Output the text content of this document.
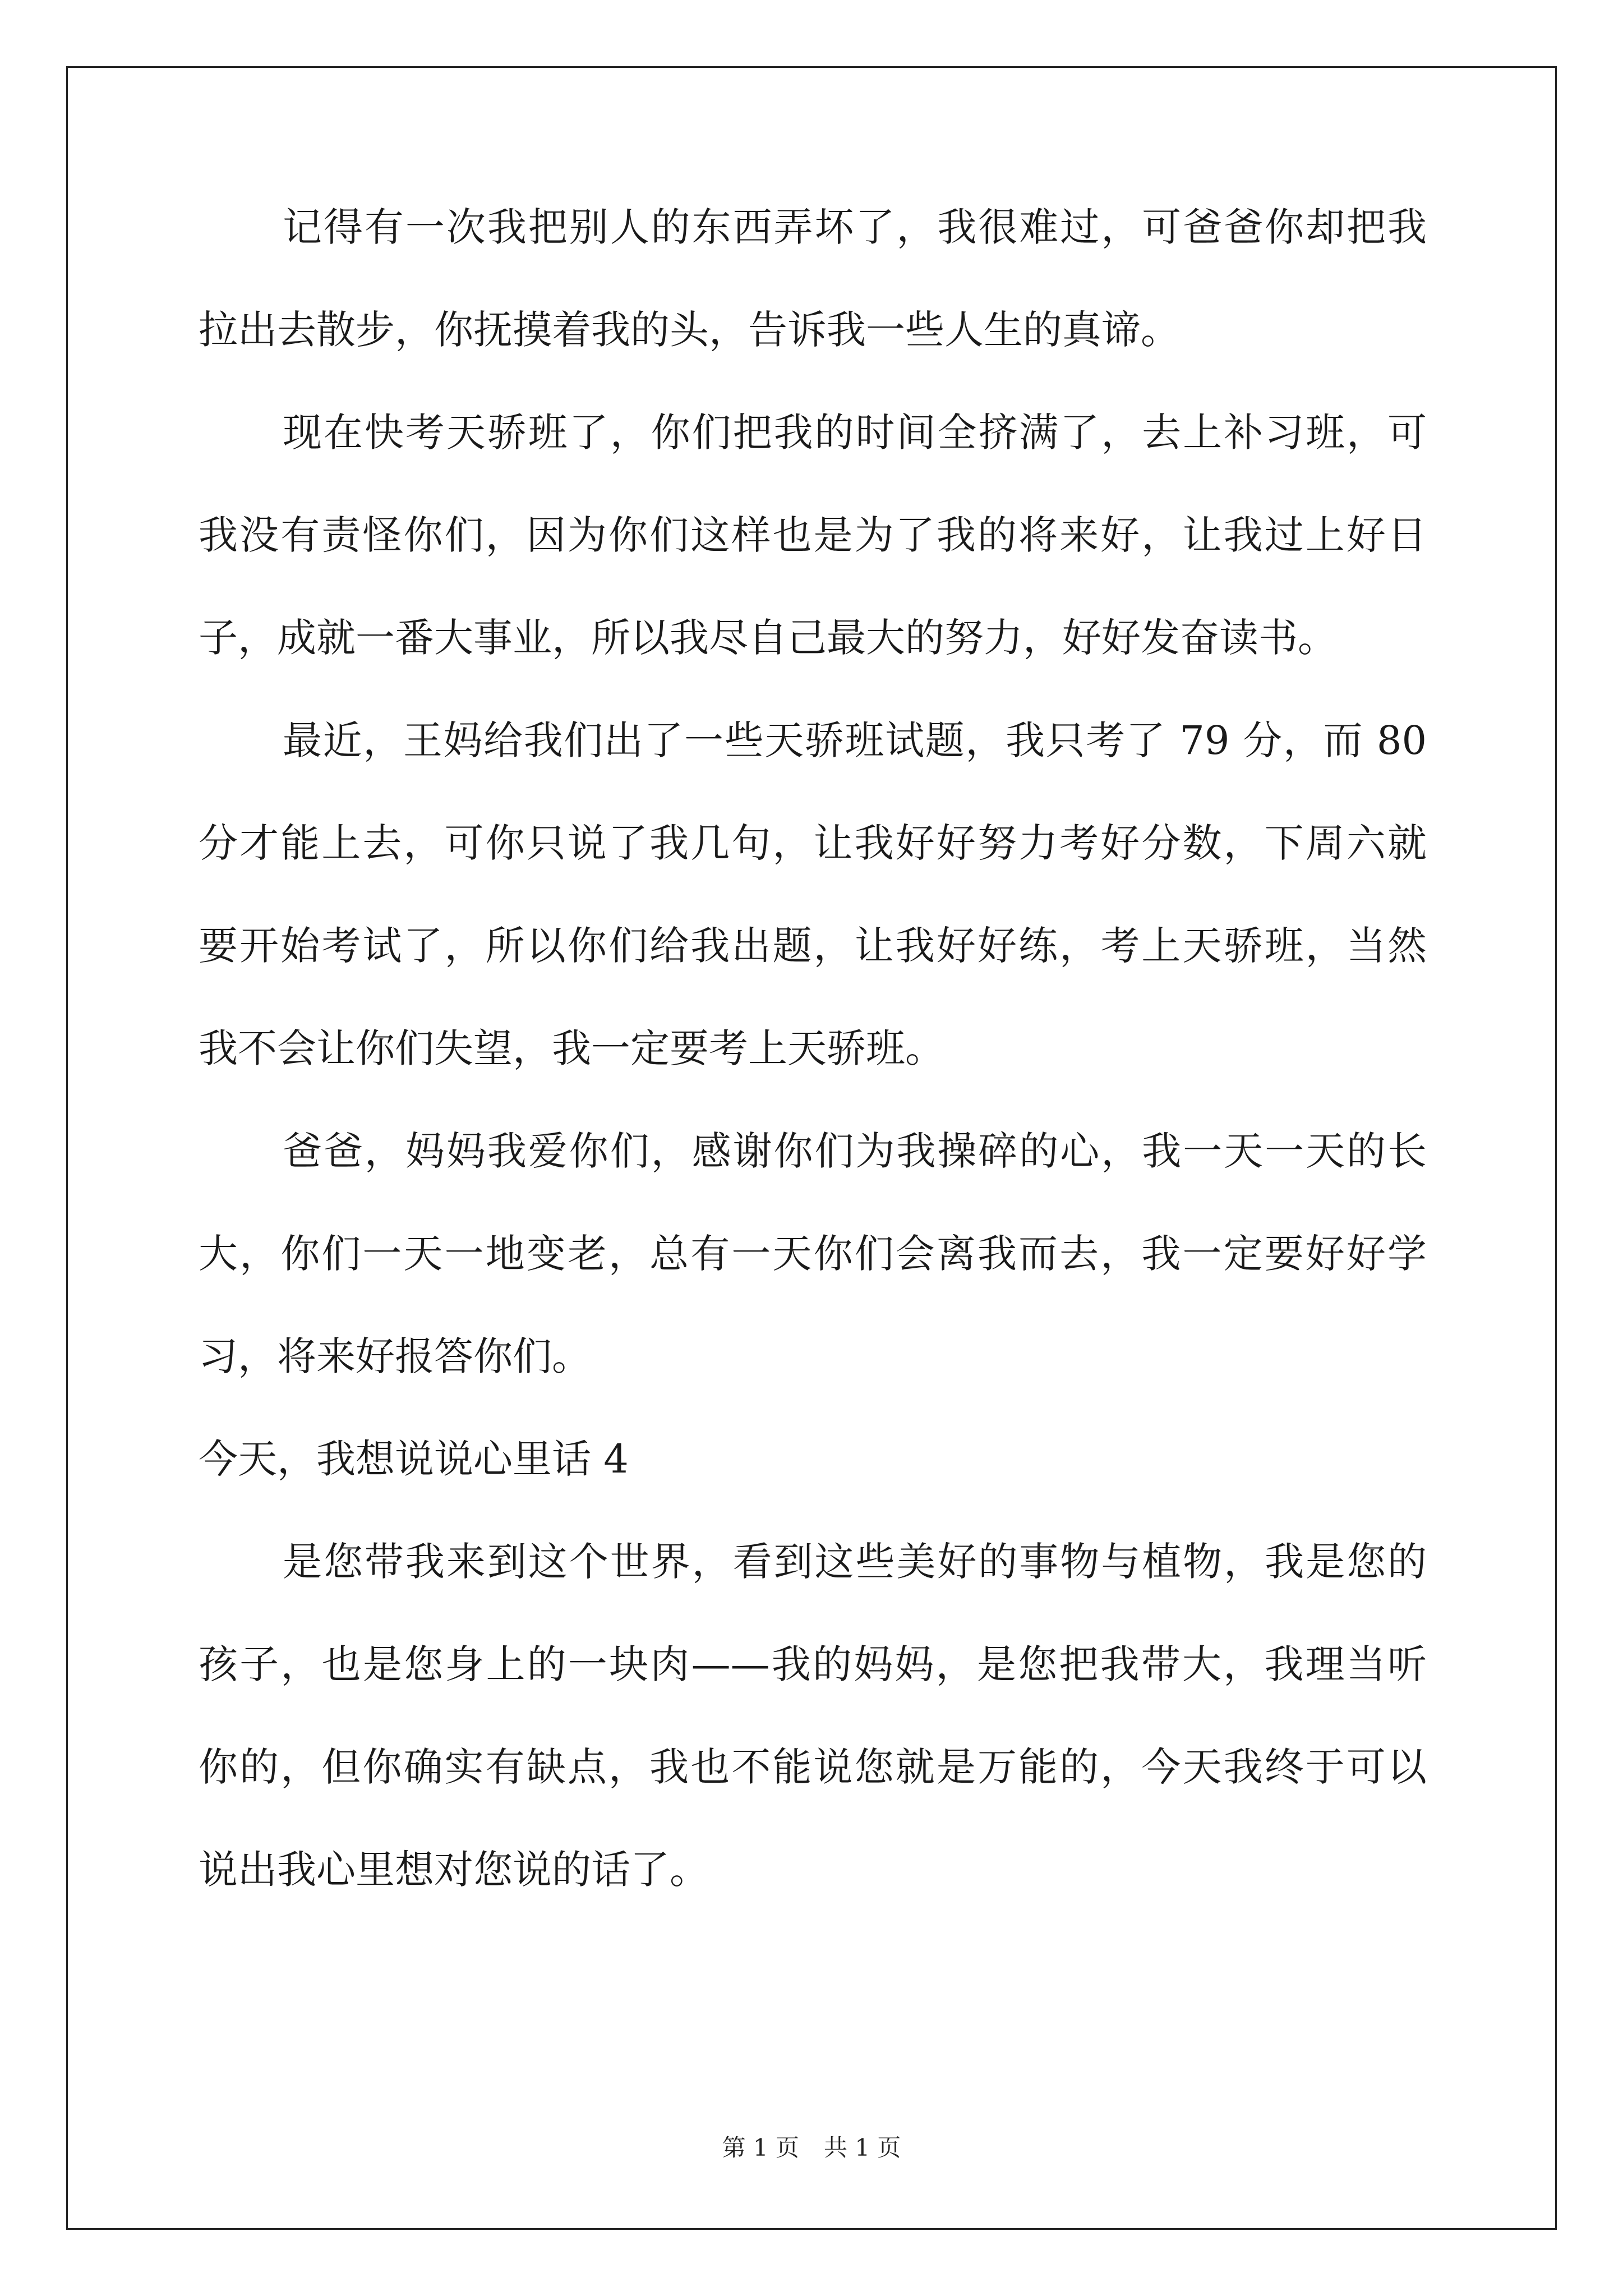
记得有一次我把别人的东西弄坏了，我很难过，可爸爸你却把我
拉出去散步，你抚摸着我的头，告诉我一些人生的真谛。
现在快考天骄班了，你们把我的时间全挤满了，去上补习班，可
我没有责怪你们，因为你们这样也是为了我的将来好，让我过上好日
子，成就一番大事业，所以我尽自己最大的努力，好好发奋读书。
最近，王妈给我们出了一些天骄班试题，我只考了 79 分，而 80
分才能上去，可你只说了我几句，让我好好努力考好分数，下周六就
要开始考试了，所以你们给我出题，让我好好练，考上天骄班，当然
我不会让你们失望，我一定要考上天骄班。
爸爸，妈妈我爱你们，感谢你们为我操碎的心，我一天一天的长
大，你们一天一地变老，总有一天你们会离我而去，我一定要好好学
习，将来好报答你们。
今天，我想说说心里话 4
是您带我来到这个世界，看到这些美好的事物与植物，我是您的
孩子，也是您身上的一块肉——我的妈妈，是您把我带大，我理当听
你的，但你确实有缺点，我也不能说您就是万能的，今天我终于可以
说出我心里想对您说的话了。
第 1 页 共 1 页
